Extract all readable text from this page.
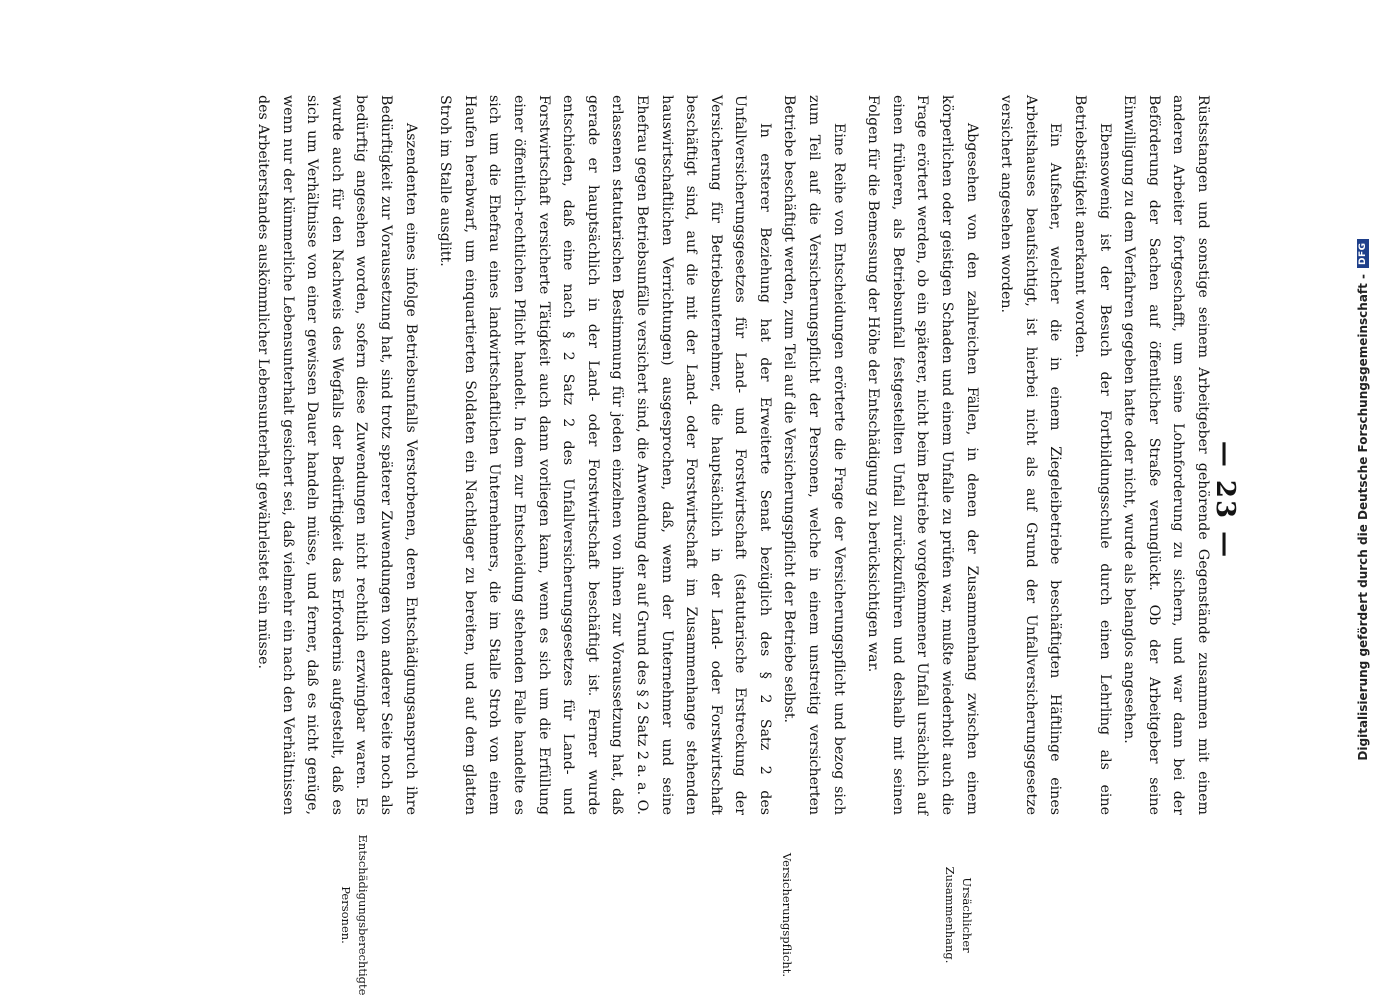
— 23 —

Rüstsstangen und sonstige seinem Arbeitgeber gehörende Gegenstände zusammen mit einem anderen Arbeiter fortgeschafft, um seine Lohnforderung zu sichern, und war dann bei der Beförderung der Sachen auf öffentlicher Straße verunglückt. Ob der Arbeitgeber seine Einwilligung zu dem Verfahren gegeben hatte oder nicht, wurde als belanglos angesehen.

Ebensowenig ist der Besuch der Fortbildungsschule durch einen Lehrling als eine Betriebstätigkeit anerkannt worden.

Ein Aufseher, welcher die in einem Ziegeleibetriebe beschäftigten Häftlinge eines Arbeitshauses beaufsichtigt, ist hierbei nicht als auf Grund der Unfallversicherungsgesetze versichert angesehen worden.

Abgesehen von den zahlreichen Fällen, in denen der Zusammenhang zwischen einem körperlichen oder geistigen Schaden und einem Unfalle zu prüfen war, mußte wiederholt auch die Frage erörtert werden, ob ein späterer, nicht beim Betriebe vorgekommener Unfall ursächlich auf einen früheren, als Betriebsunfall festgestellten Unfall zurückzuführen und deshalb mit seinen Folgen für die Bemessung der Höhe der Entschädigung zu berücksichtigen war.

Eine Reihe von Entscheidungen erörterte die Frage der Versicherungspflicht und bezog sich zum Teil auf die Versicherungspflicht der Personen, welche in einem unstreitig versicherten Betriebe beschäftigt werden, zum Teil auf die Versicherungspflicht der Betriebe selbst.

In ersterer Beziehung hat der Erweiterte Senat bezüglich des § 2 Satz 2 des Unfallversicherungsgesetzes für Land- und Forstwirtschaft (statutarische Erstreckung der Versicherung für Betriebsunternehmer, die hauptsächlich in der Land- oder Forstwirtschaft beschäftigt sind, auf die mit der Land- oder Forstwirtschaft im Zusammenhange stehenden hauswirtschaftlichen Verrichtungen) ausgesprochen, daß, wenn der Unternehmer und seine Ehefrau gegen Betriebsunfälle versichert sind, die Anwendung der auf Grund des § 2 Satz 2 a. a. O. erlassenen statutarischen Bestimmung für jeden einzelnen von ihnen zur Voraussetzung hat, daß gerade er hauptsächlich in der Land- oder Forstwirtschaft beschäftigt ist. Ferner wurde entschieden, daß eine nach § 2 Satz 2 des Unfallversicherungsgesetzes für Land- und Forstwirtschaft versicherte Tätigkeit auch dann vorliegen kann, wenn es sich um die Erfüllung einer öffentlich-rechtlichen Pflicht handelt. In dem zur Entscheidung stehenden Falle handelte es sich um die Ehefrau eines landwirtschaftlichen Unternehmers, die im Stalle Stroh von einem Haufen herabwarf, um einquartierten Soldaten ein Nachtlager zu bereiten, und auf dem glatten Stroh im Stalle ausglitt.

Aszendenten eines infolge Betriebsunfalls Verstorbenen, deren Entschädigungsanspruch ihre Bedürftigkeit zur Voraussetzung hat, sind trotz späterer Zuwendungen von anderer Seite noch als bedürftig angesehen worden, sofern diese Zuwendungen nicht rechtlich erzwingbar waren. Es wurde auch für den Nachweis des Wegfalls der Bedürftigkeit das Erfordernis aufgestellt, daß es sich um Verhältnisse von einer gewissen Dauer handeln müsse, und ferner, daß es nicht genüge, wenn nur der kümmerliche Lebensunterhalt gesichert sei, daß vielmehr ein nach den Verhältnissen des Arbeiterstandes auskömmlicher Lebensunterhalt gewährleistet sein müsse.

Ursächlicher Zusammenhang.
Versicherungspflicht.
Entschädigungsberechtigte Personen.
Digitalisierung gefördert durch die Deutsche Forschungsgemeinschaft -
DFG
